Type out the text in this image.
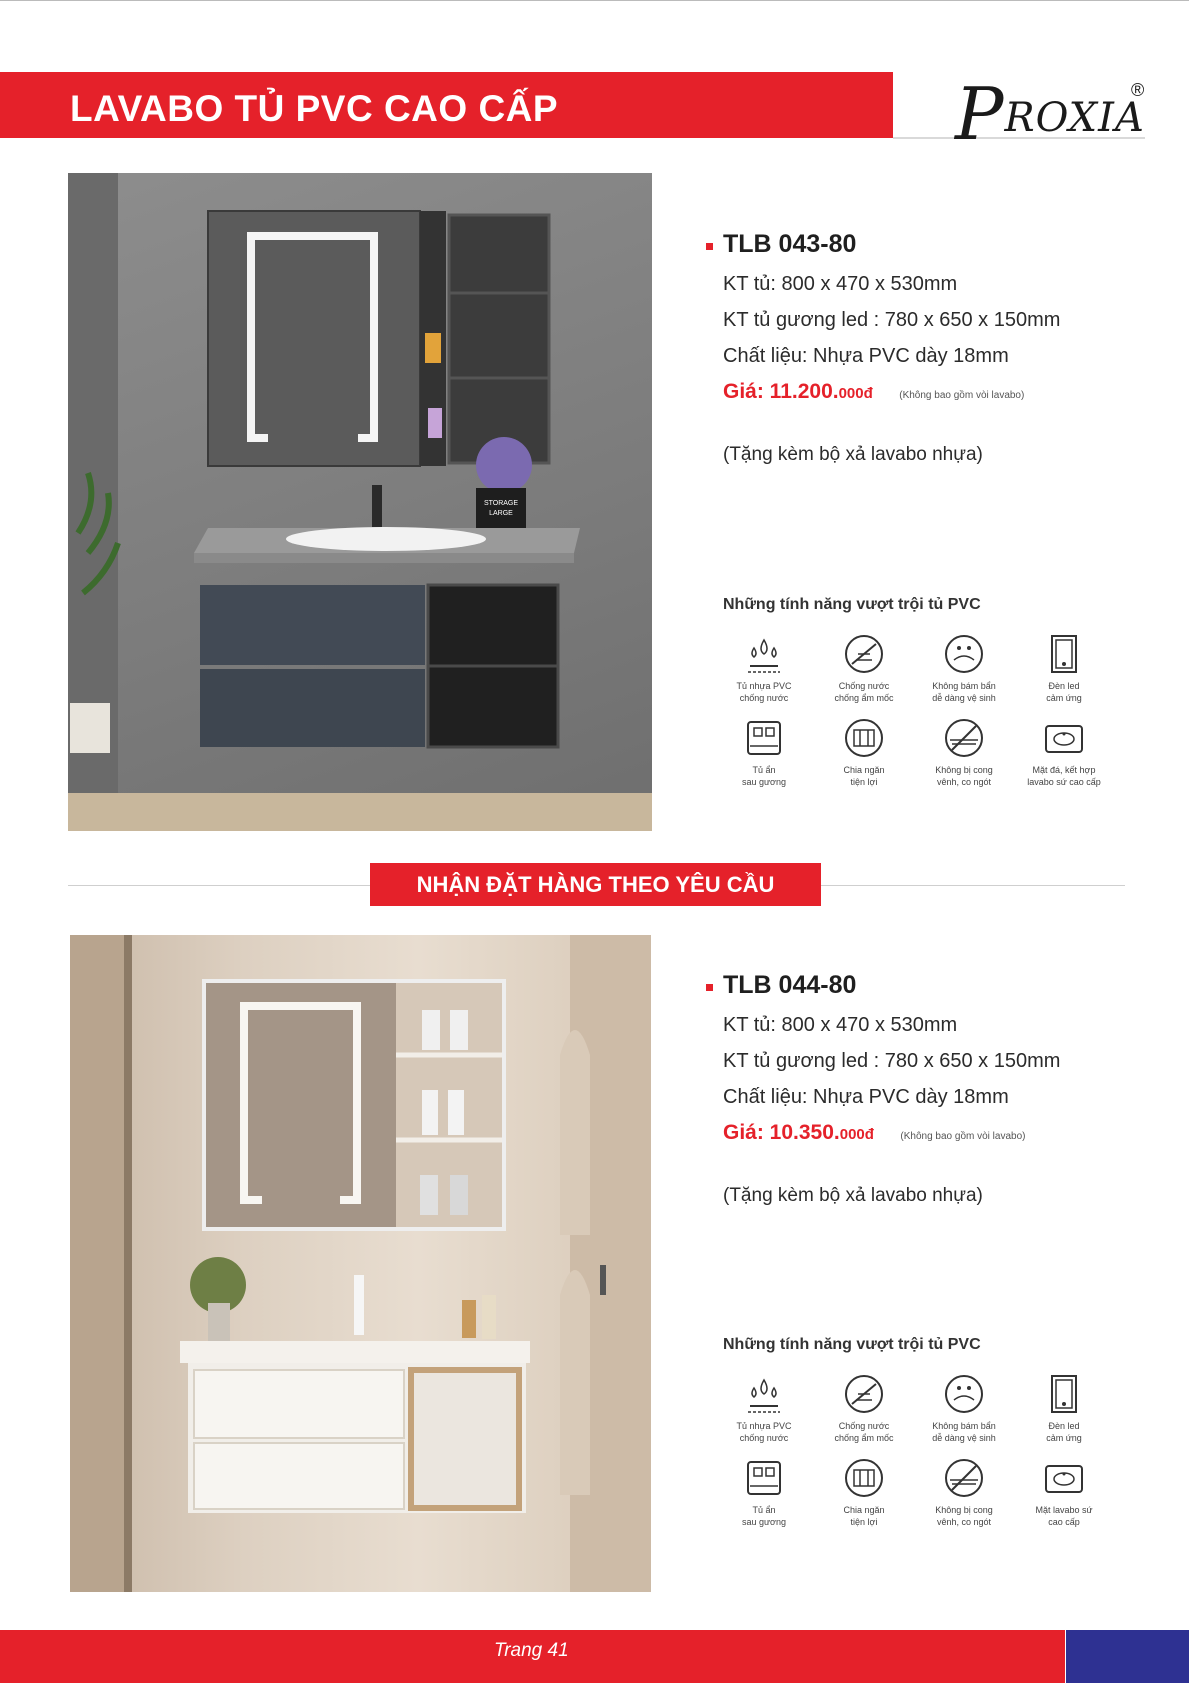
LAVABO TỦ PVC CAO CẤP	PROXIA
®
STORAGE
LARGE
TLB 043-80
KT tủ: 800 x 470 x 530mm
KT tủ gương led : 780 x 650 x 150mm
Chất liệu: Nhựa PVC dày 18mm
Giá: 11.200.000đ	(Không bao gồm vòi lavabo)
(Tặng kèm bộ xả lavabo nhựa)
Những tính năng vượt trội tủ PVC
Tủ nhựa PVC
chống nước
Chống nước
chống ẩm mốc
Không bám bẩn
dễ dàng vệ sinh
Đèn led
cảm ứng
Tủ ẩn
sau gương
Chia ngăn
tiện lợi
Không bị cong
vênh, co ngót
Mặt đá, kết hợp
lavabo sứ cao cấp
NHẬN ĐẶT HÀNG THEO YÊU CẦU
TLB 044-80
KT tủ: 800 x 470 x 530mm
KT tủ gương led : 780 x 650 x 150mm
Chất liệu: Nhựa PVC dày 18mm
Giá: 10.350.000đ	(Không bao gồm vòi lavabo)
(Tặng kèm bộ xả lavabo nhựa)
Những tính năng vượt trội tủ PVC
Tủ nhựa PVC
chống nước
Chống nước
chống ẩm mốc
Không bám bẩn
dễ dàng vệ sinh
Đèn led
cảm ứng
Tủ ẩn
sau gương
Chia ngăn
tiện lợi
Không bị cong
vênh, co ngót
Mặt lavabo sứ
cao cấp
Trang 41
